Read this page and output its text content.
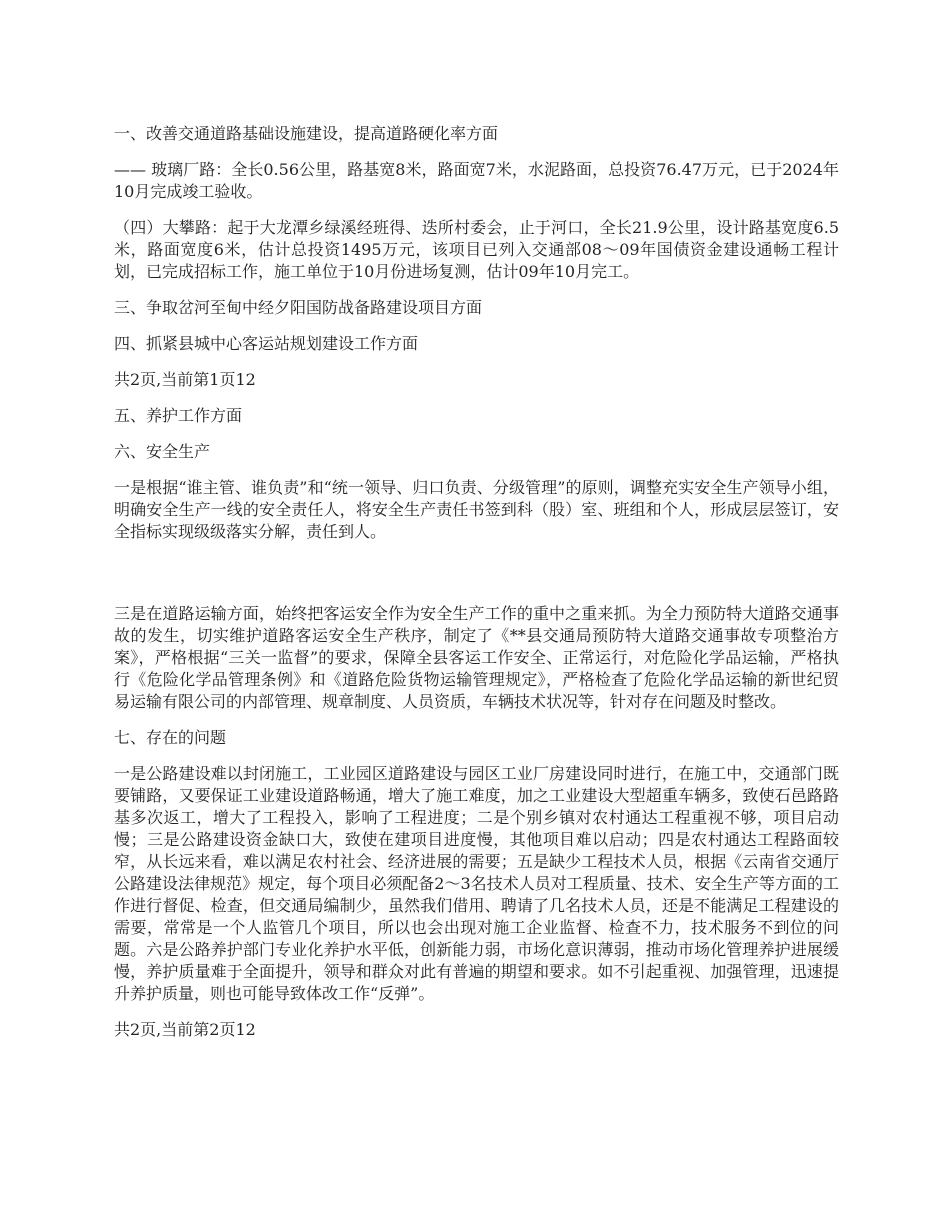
一、改善交通道路基础设施建设，提高道路硬化率方面

—— 玻璃厂路：全长0.56公里，路基宽8米，路面宽7米，水泥路面，总投资76.47万元，已于2024年10月完成竣工验收。

（四）大攀路：起于大龙潭乡绿溪经班得、迭所村委会，止于河口，全长21.9公里，设计路基宽度6.5米，路面宽度6米，估计总投资1495万元，该项目已列入交通部08～09年国债资金建设通畅工程计划，已完成招标工作，施工单位于10月份进场复测，估计09年10月完工。

三、争取岔河至甸中经夕阳国防战备路建设项目方面

四、抓紧县城中心客运站规划建设工作方面

共2页,当前第1页12

五、养护工作方面

六、安全生产

一是根据“谁主管、谁负责”和“统一领导、归口负责、分级管理”的原则，调整充实安全生产领导小组，明确安全生产一线的安全责任人，将安全生产责任书签到科（股）室、班组和个人，形成层层签订，安全指标实现级级落实分解，责任到人。

三是在道路运输方面，始终把客运安全作为安全生产工作的重中之重来抓。为全力预防特大道路交通事故的发生，切实维护道路客运安全生产秩序，制定了《**县交通局预防特大道路交通事故专项整治方案》，严格根据“三关一监督”的要求，保障全县客运工作安全、正常运行，对危险化学品运输，严格执行《危险化学品管理条例》和《道路危险货物运输管理规定》，严格检查了危险化学品运输的新世纪贸易运输有限公司的内部管理、规章制度、人员资质，车辆技术状况等，针对存在问题及时整改。

七、存在的问题

一是公路建设难以封闭施工，工业园区道路建设与园区工业厂房建设同时进行，在施工中，交通部门既要铺路，又要保证工业建设道路畅通，增大了施工难度，加之工业建设大型超重车辆多，致使石邑路路基多次返工，增大了工程投入，影响了工程进度；二是个别乡镇对农村通达工程重视不够，项目启动慢；三是公路建设资金缺口大，致使在建项目进度慢，其他项目难以启动；四是农村通达工程路面较窄，从长远来看，难以满足农村社会、经济进展的需要；五是缺少工程技术人员，根据《云南省交通厅公路建设法律规范》规定，每个项目必须配备2～3名技术人员对工程质量、技术、安全生产等方面的工作进行督促、检查，但交通局编制少，虽然我们借用、聘请了几名技术人员，还是不能满足工程建设的需要，常常是一个人监管几个项目，所以也会出现对施工企业监督、检查不力，技术服务不到位的问题。六是公路养护部门专业化养护水平低，创新能力弱，市场化意识薄弱，推动市场化管理养护进展缓慢，养护质量难于全面提升，领导和群众对此有普遍的期望和要求。如不引起重视、加强管理，迅速提升养护质量，则也可能导致体改工作“反弹”。

共2页,当前第2页12
